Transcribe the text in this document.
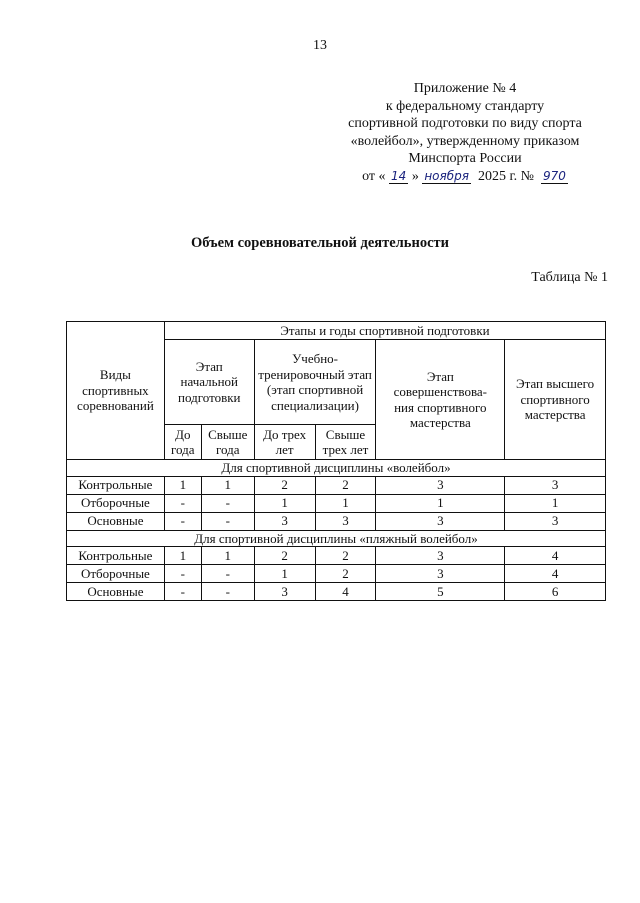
13
Приложение № 4
к федеральному стандарту
спортивной подготовки по виду спорта
«волейбол», утвержденному приказом
Минспорта России
от « 14 » ноября  2025 г. №  970
Объем соревновательной деятельности
Таблица № 1
Виды спортивных соревнований	Этапы и годы спортивной подготовки					
	Этап начальной подготовки		Учебно-тренировочный этап (этап спортивной специализации)		Этап совершенствова-ния спортивного мастерства	Этап высшего спортивного мастерства
	До года	Свыше года	До трех лет	Свыше трех лет		
Для спортивной дисциплины «волейбол»						
Контрольные	1	1	2	2	3	3
Отборочные	-	-	1	1	1	1
Основные	-	-	3	3	3	3
Для спортивной дисциплины «пляжный волейбол»						
Контрольные	1	1	2	2	3	4
Отборочные	-	-	1	2	3	4
Основные	-	-	3	4	5	6
